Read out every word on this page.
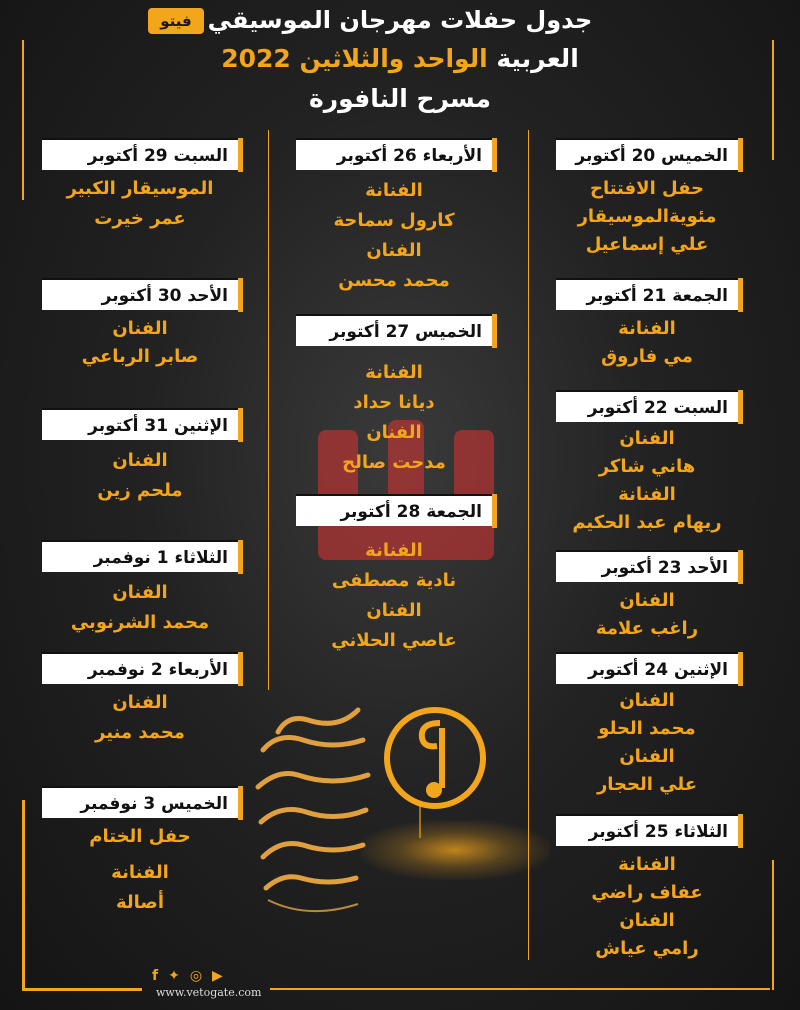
فيتو جدول حفلات مهرجان الموسيقي
العربية الواحد والثلاثين 2022
مسرح النافورة
الخميس 20 أكتوبر
حفل الافتتاح
مئويةالموسيقار
علي إسماعيل
الجمعة 21 أكتوبر
الفنانة
مي فاروق
السبت 22 أكتوبر
الفنان
هاني شاكر
الفنانة
ريهام عبد الحكيم
الأحد 23 أكتوبر
الفنان
راغب علامة
الإثنين 24 أكتوبر
الفنان
محمد الحلو
الفنان
علي الحجار
الثلاثاء 25 أكتوبر
الفنانة
عفاف راضي
الفنان
رامي عياش
الأربعاء 26 أكتوبر
الفنانة
كارول سماحة
الفنان
محمد محسن
الخميس 27 أكتوبر
الفنانة
ديانا حداد
الفنان
مدحت صالح
الجمعة 28 أكتوبر
الفنانة
نادية مصطفى
الفنان
عاصي الحلاني
السبت 29 أكتوبر
الموسيقار الكبير
عمر خيرت
الأحد 30 أكتوبر
الفنان
صابر الرباعي
الإثنين 31 أكتوبر
الفنان
ملحم زين
الثلاثاء 1 نوفمبر
الفنان
محمد الشرنوبي
الأربعاء 2 نوفمبر
الفنان
محمد منير
الخميس 3 نوفمبر
حفل الختام
الفنانة
أصالة
f ✦ ◎ ▶
www.vetogate.com
